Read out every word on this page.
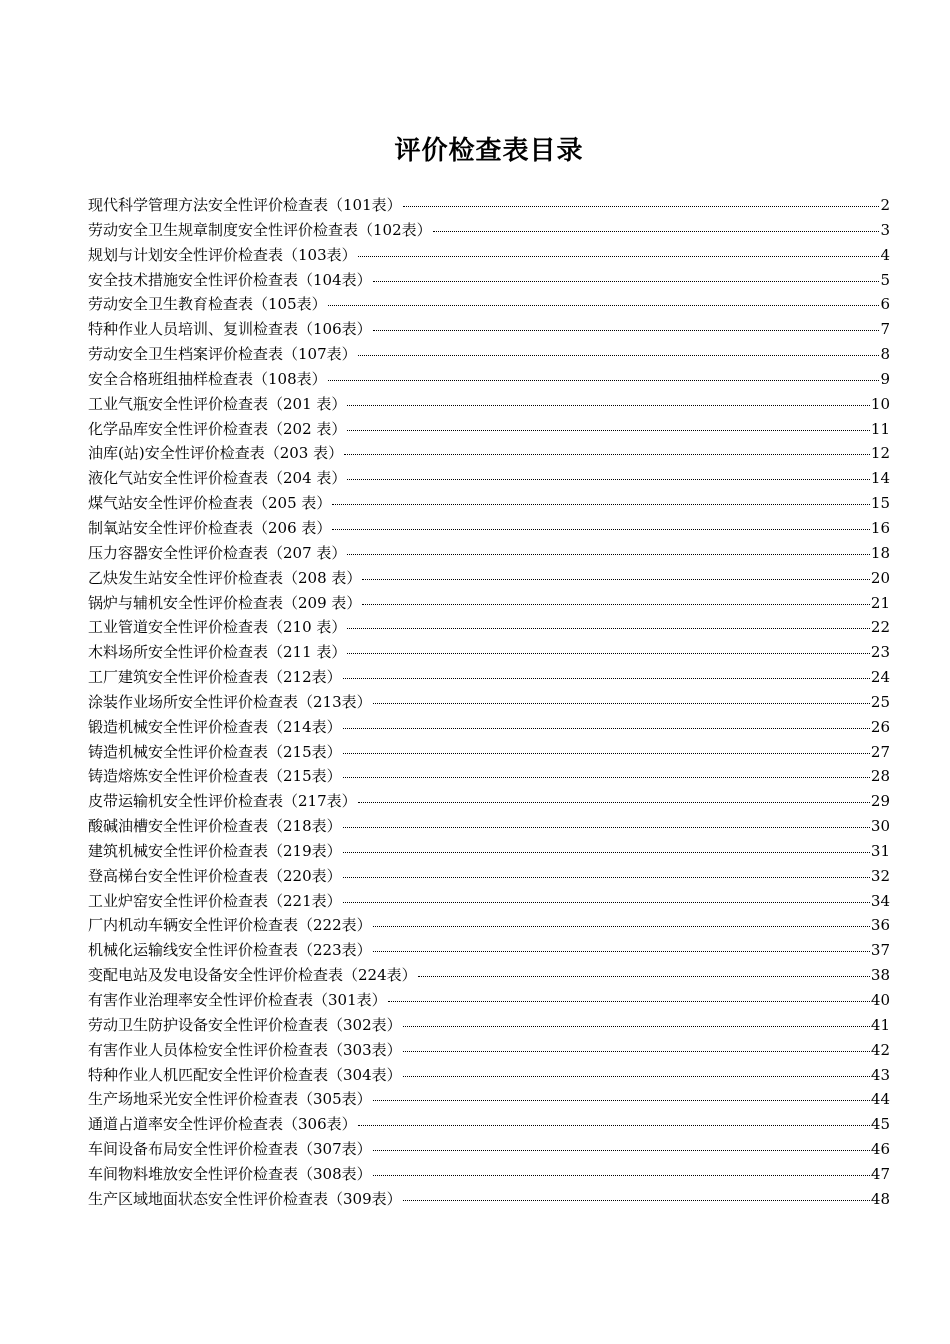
评价检查表目录
现代科学管理方法安全性评价检查表（101表）	2
劳动安全卫生规章制度安全性评价检查表（102表）	3
规划与计划安全性评价检查表（103表）	4
安全技术措施安全性评价检查表（104表）	5
劳动安全卫生教育检查表（105表）	6
特种作业人员培训、复训检查表（106表）	7
劳动安全卫生档案评价检查表（107表）	8
安全合格班组抽样检查表（108表）	9
工业气瓶安全性评价检查表（201 表）	10
化学品库安全性评价检查表（202 表）	11
油库(站)安全性评价检查表（203 表）	12
液化气站安全性评价检查表（204 表）	14
煤气站安全性评价检查表（205 表）	15
制氧站安全性评价检查表（206 表）	16
压力容器安全性评价检查表（207 表）	18
乙炔发生站安全性评价检查表（208 表）	20
锅炉与辅机安全性评价检查表（209 表）	21
工业管道安全性评价检查表（210 表）	22
木料场所安全性评价检查表（211 表）	23
工厂建筑安全性评价检查表（212表）	24
涂装作业场所安全性评价检查表（213表）	25
锻造机械安全性评价检查表（214表）	26
铸造机械安全性评价检查表（215表）	27
铸造熔炼安全性评价检查表（215表）	28
皮带运输机安全性评价检查表（217表）	29
酸碱油槽安全性评价检查表（218表）	30
建筑机械安全性评价检查表（219表）	31
登高梯台安全性评价检查表（220表）	32
工业炉窑安全性评价检查表（221表）	34
厂内机动车辆安全性评价检查表（222表）	36
机械化运输线安全性评价检查表（223表）	37
变配电站及发电设备安全性评价检查表（224表）	38
有害作业治理率安全性评价检查表（301表）	40
劳动卫生防护设备安全性评价检查表（302表）	41
有害作业人员体检安全性评价检查表（303表）	42
特种作业人机匹配安全性评价检查表（304表）	43
生产场地采光安全性评价检查表（305表）	44
通道占道率安全性评价检查表（306表）	45
车间设备布局安全性评价检查表（307表）	46
车间物料堆放安全性评价检查表（308表）	47
生产区域地面状态安全性评价检查表（309表）	48
